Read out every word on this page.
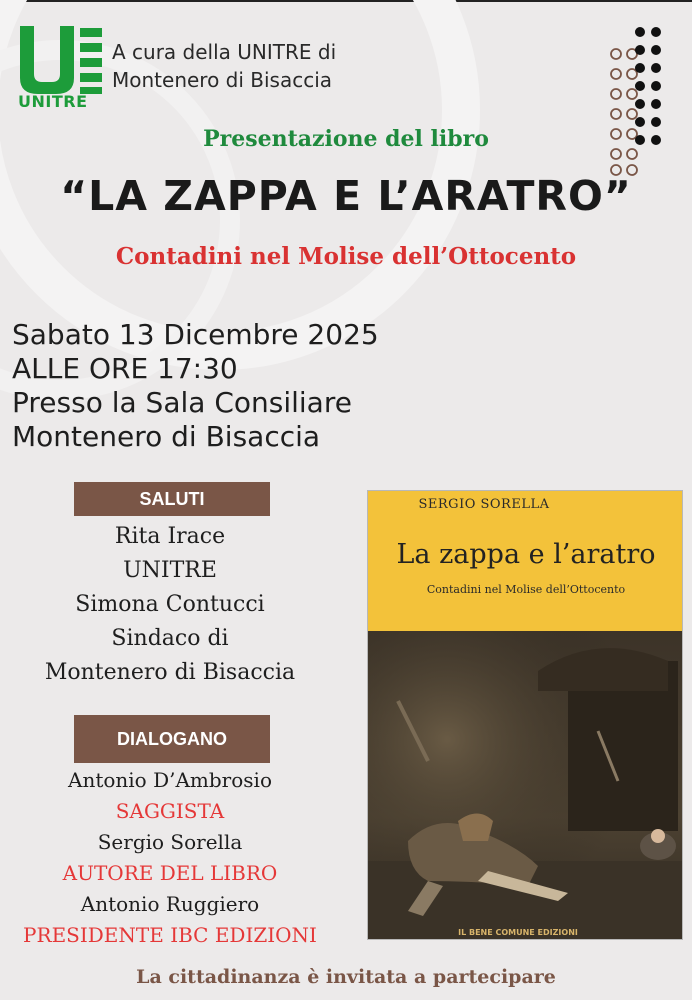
UNITRE
A cura della UNITRE di
Montenero di Bisaccia
Presentazione del libro
“LA ZAPPA E L’ARATRO”
Contadini nel Molise dell’Ottocento
Sabato 13 Dicembre 2025
ALLE ORE 17:30
Presso la Sala Consiliare
Montenero di Bisaccia
SALUTI
Rita Irace
UNITRE
Simona Contucci
Sindaco di
Montenero di Bisaccia
DIALOGANO
Antonio D’Ambrosio
SAGGISTA
Sergio Sorella
AUTORE DEL LIBRO
Antonio Ruggiero
PRESIDENTE IBC EDIZIONI
SERGIO SORELLA
La zappa e l’aratro
Contadini nel Molise dell’Ottocento
IL BENE COMUNE EDIZIONI
La cittadinanza è invitata a partecipare
